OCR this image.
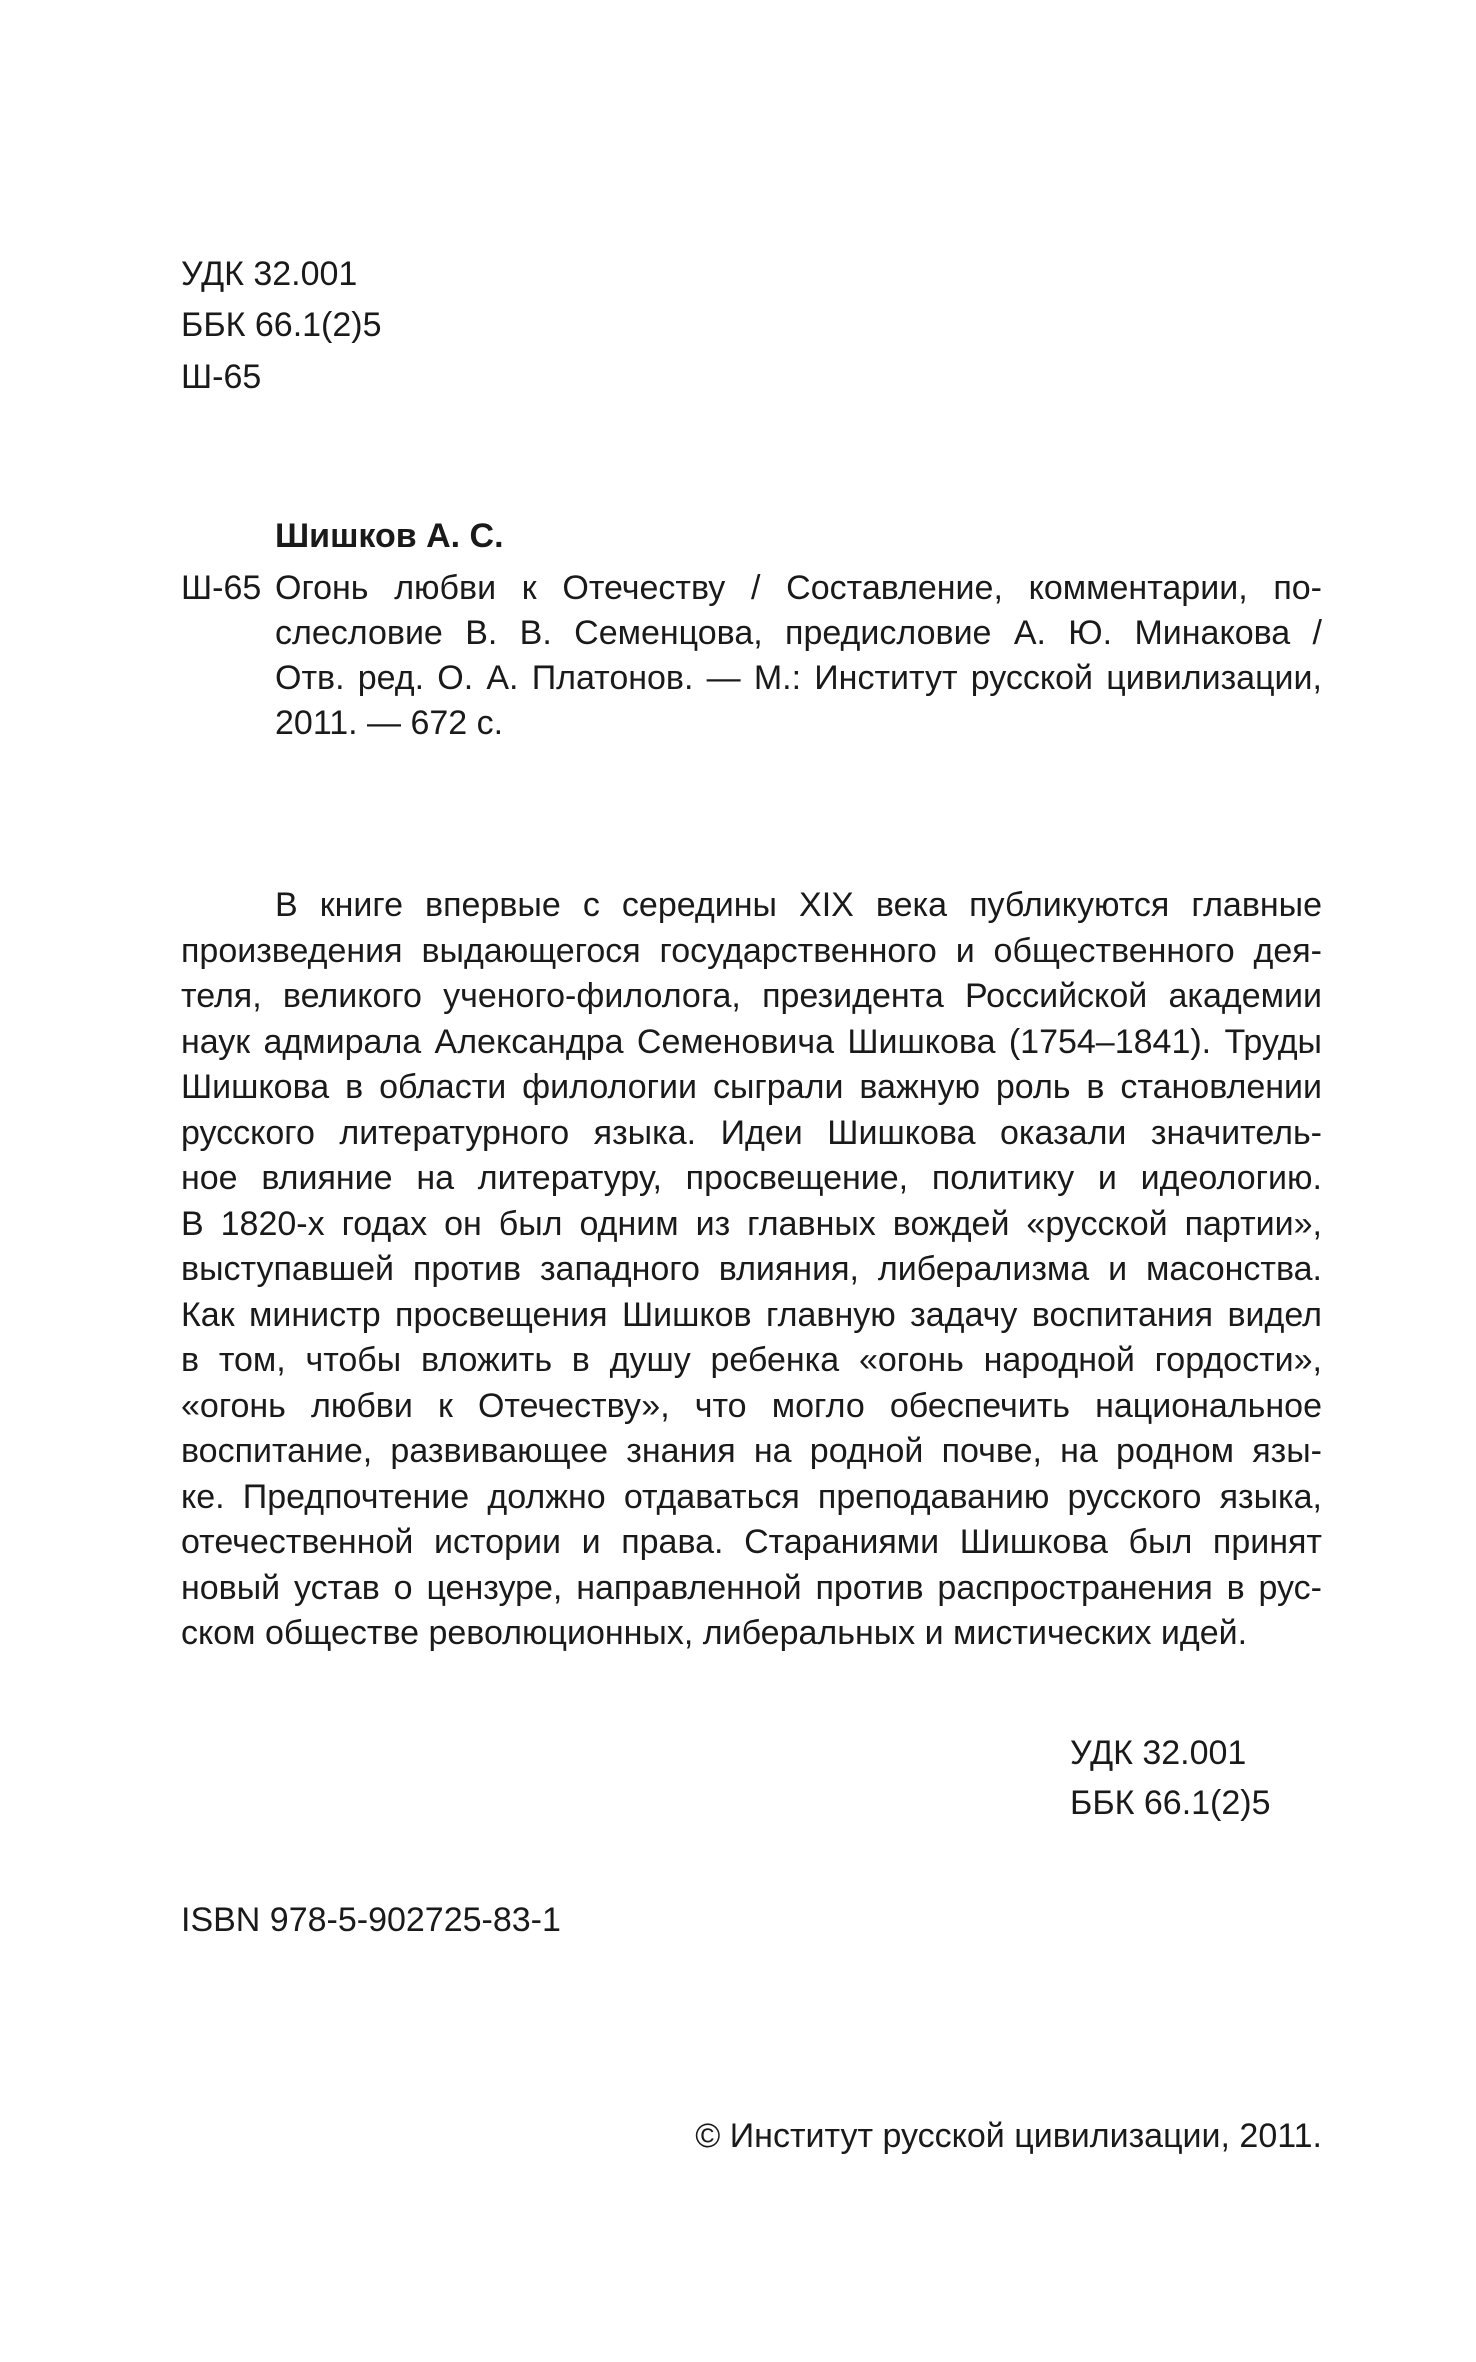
УДК 32.001
ББК 66.1(2)5
Ш-65
Шишков А. С.
Ш-65 Огонь любви к Отечеству / Составление, комментарии, по-
слесловие В. В. Семенцова, предисловие А. Ю. Минакова /
Отв. ред. О. А. Платонов. — М.: Институт русской цивилизации,
2011. — 672 с.
В книге впервые с середины XIX века публикуются главные
произведения выдающегося государственного и общественного дея-
теля, великого ученого-филолога, президента Российской академии
наук адмирала Александра Семеновича Шишкова (1754–1841). Труды
Шишкова в области филологии сыграли важную роль в становлении
русского литературного языка. Идеи Шишкова оказали значитель-
ное влияние на литературу, просвещение, политику и идеологию.
В 1820-х годах он был одним из главных вождей «русской партии»,
выступавшей против западного влияния, либерализма и масонства.
Как министр просвещения Шишков главную задачу воспитания видел
в том, чтобы вложить в душу ребенка «огонь народной гордости»,
«огонь любви к Отечеству», что могло обеспечить национальное
воспитание, развивающее знания на родной почве, на родном язы-
ке. Предпочтение должно отдаваться преподаванию русского языка,
отечественной истории и права. Стараниями Шишкова был принят
новый устав о цензуре, направленной против распространения в рус-
ском обществе революционных, либеральных и мистических идей.
УДК 32.001
ББК 66.1(2)5
ISBN 978-5-902725-83-1
© Институт русской цивилизации, 2011.
